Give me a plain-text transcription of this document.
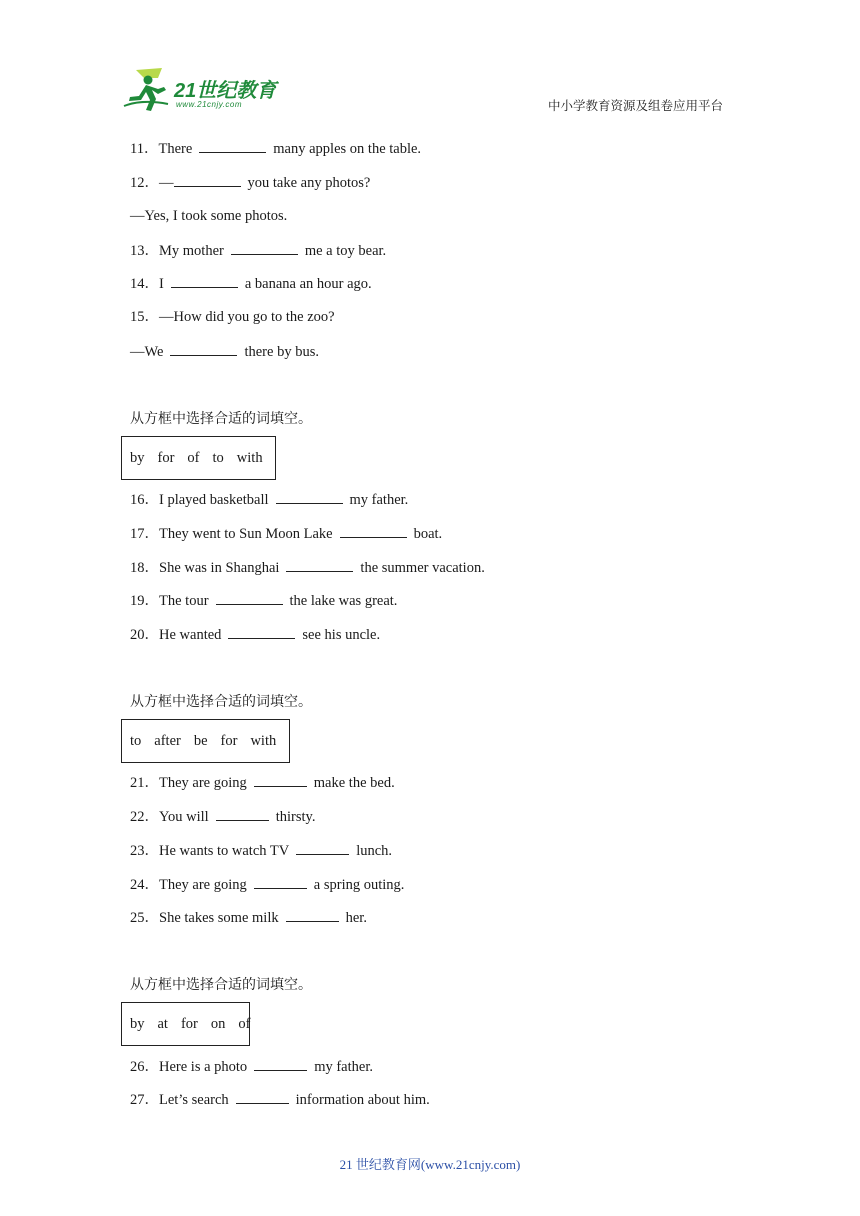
21世纪教育
www.21cnjy.com	中小学教育资源及组卷应用平台
11．There	many apples on the table.
12．—	you take any photos?
—Yes, I took some photos.
13．My mother	me a toy bear.
14．I	a banana an hour ago.
15．—How did you go to the zoo?
—We	there by bus.
从方框中选择合适的词填空。
by for of to with
16．I played basketball	my father.
17．They went to Sun Moon Lake	boat.
18．She was in Shanghai	the summer vacation.
19．The tour	the lake was great.
20．He wanted	see his uncle.
从方框中选择合适的词填空。
to after be for with
21．They are going	make the bed.
22．You will	thirsty.
23．He wants to watch TV	lunch.
24．They are going	a spring outing.
25．She takes some milk	her.
从方框中选择合适的词填空。
by at for on of
26．Here is a photo	my father.
27．Let’s search	information about him.
21 世纪教育网(www.21cnjy.com)
